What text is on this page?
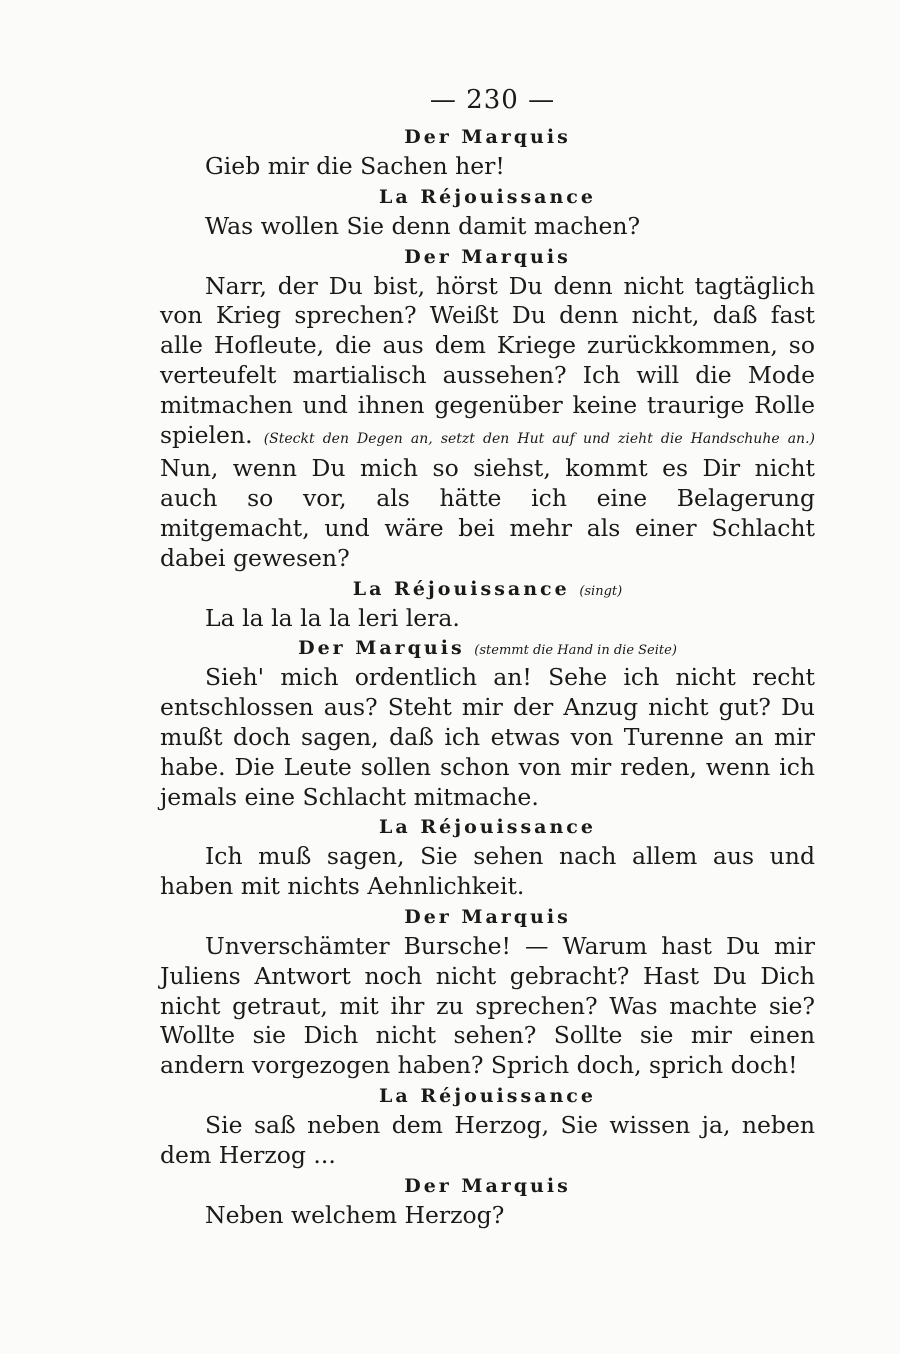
— 230 —
Der Marquis

Gieb mir die Sachen her!

La Réjouissance

Was wollen Sie denn damit machen?

Der Marquis

Narr, der Du bist, hörst Du denn nicht tagtäglich von Krieg sprechen? Weißt Du denn nicht, daß fast alle Hofleute, die aus dem Kriege zurückkommen, so verteufelt martialisch aussehen? Ich will die Mode mitmachen und ihnen gegenüber keine traurige Rolle spielen. (Steckt den Degen an, setzt den Hut auf und zieht die Handschuhe an.) Nun, wenn Du mich so siehst, kommt es Dir nicht auch so vor, als hätte ich eine Belagerung mitgemacht, und wäre bei mehr als einer Schlacht dabei gewesen?

La Réjouissance (singt)

La la la la la leri lera.

Der Marquis (stemmt die Hand in die Seite)

Sieh' mich ordentlich an! Sehe ich nicht recht entschlossen aus? Steht mir der Anzug nicht gut? Du mußt doch sagen, daß ich etwas von Turenne an mir habe. Die Leute sollen schon von mir reden, wenn ich jemals eine Schlacht mitmache.

La Réjouissance

Ich muß sagen, Sie sehen nach allem aus und haben mit nichts Aehnlichkeit.

Der Marquis

Unverschämter Bursche! — Warum hast Du mir Juliens Antwort noch nicht gebracht? Hast Du Dich nicht getraut, mit ihr zu sprechen? Was machte sie? Wollte sie Dich nicht sehen? Sollte sie mir einen andern vorgezogen haben? Sprich doch, sprich doch!

La Réjouissance

Sie saß neben dem Herzog, Sie wissen ja, neben dem Herzog ...

Der Marquis

Neben welchem Herzog?
